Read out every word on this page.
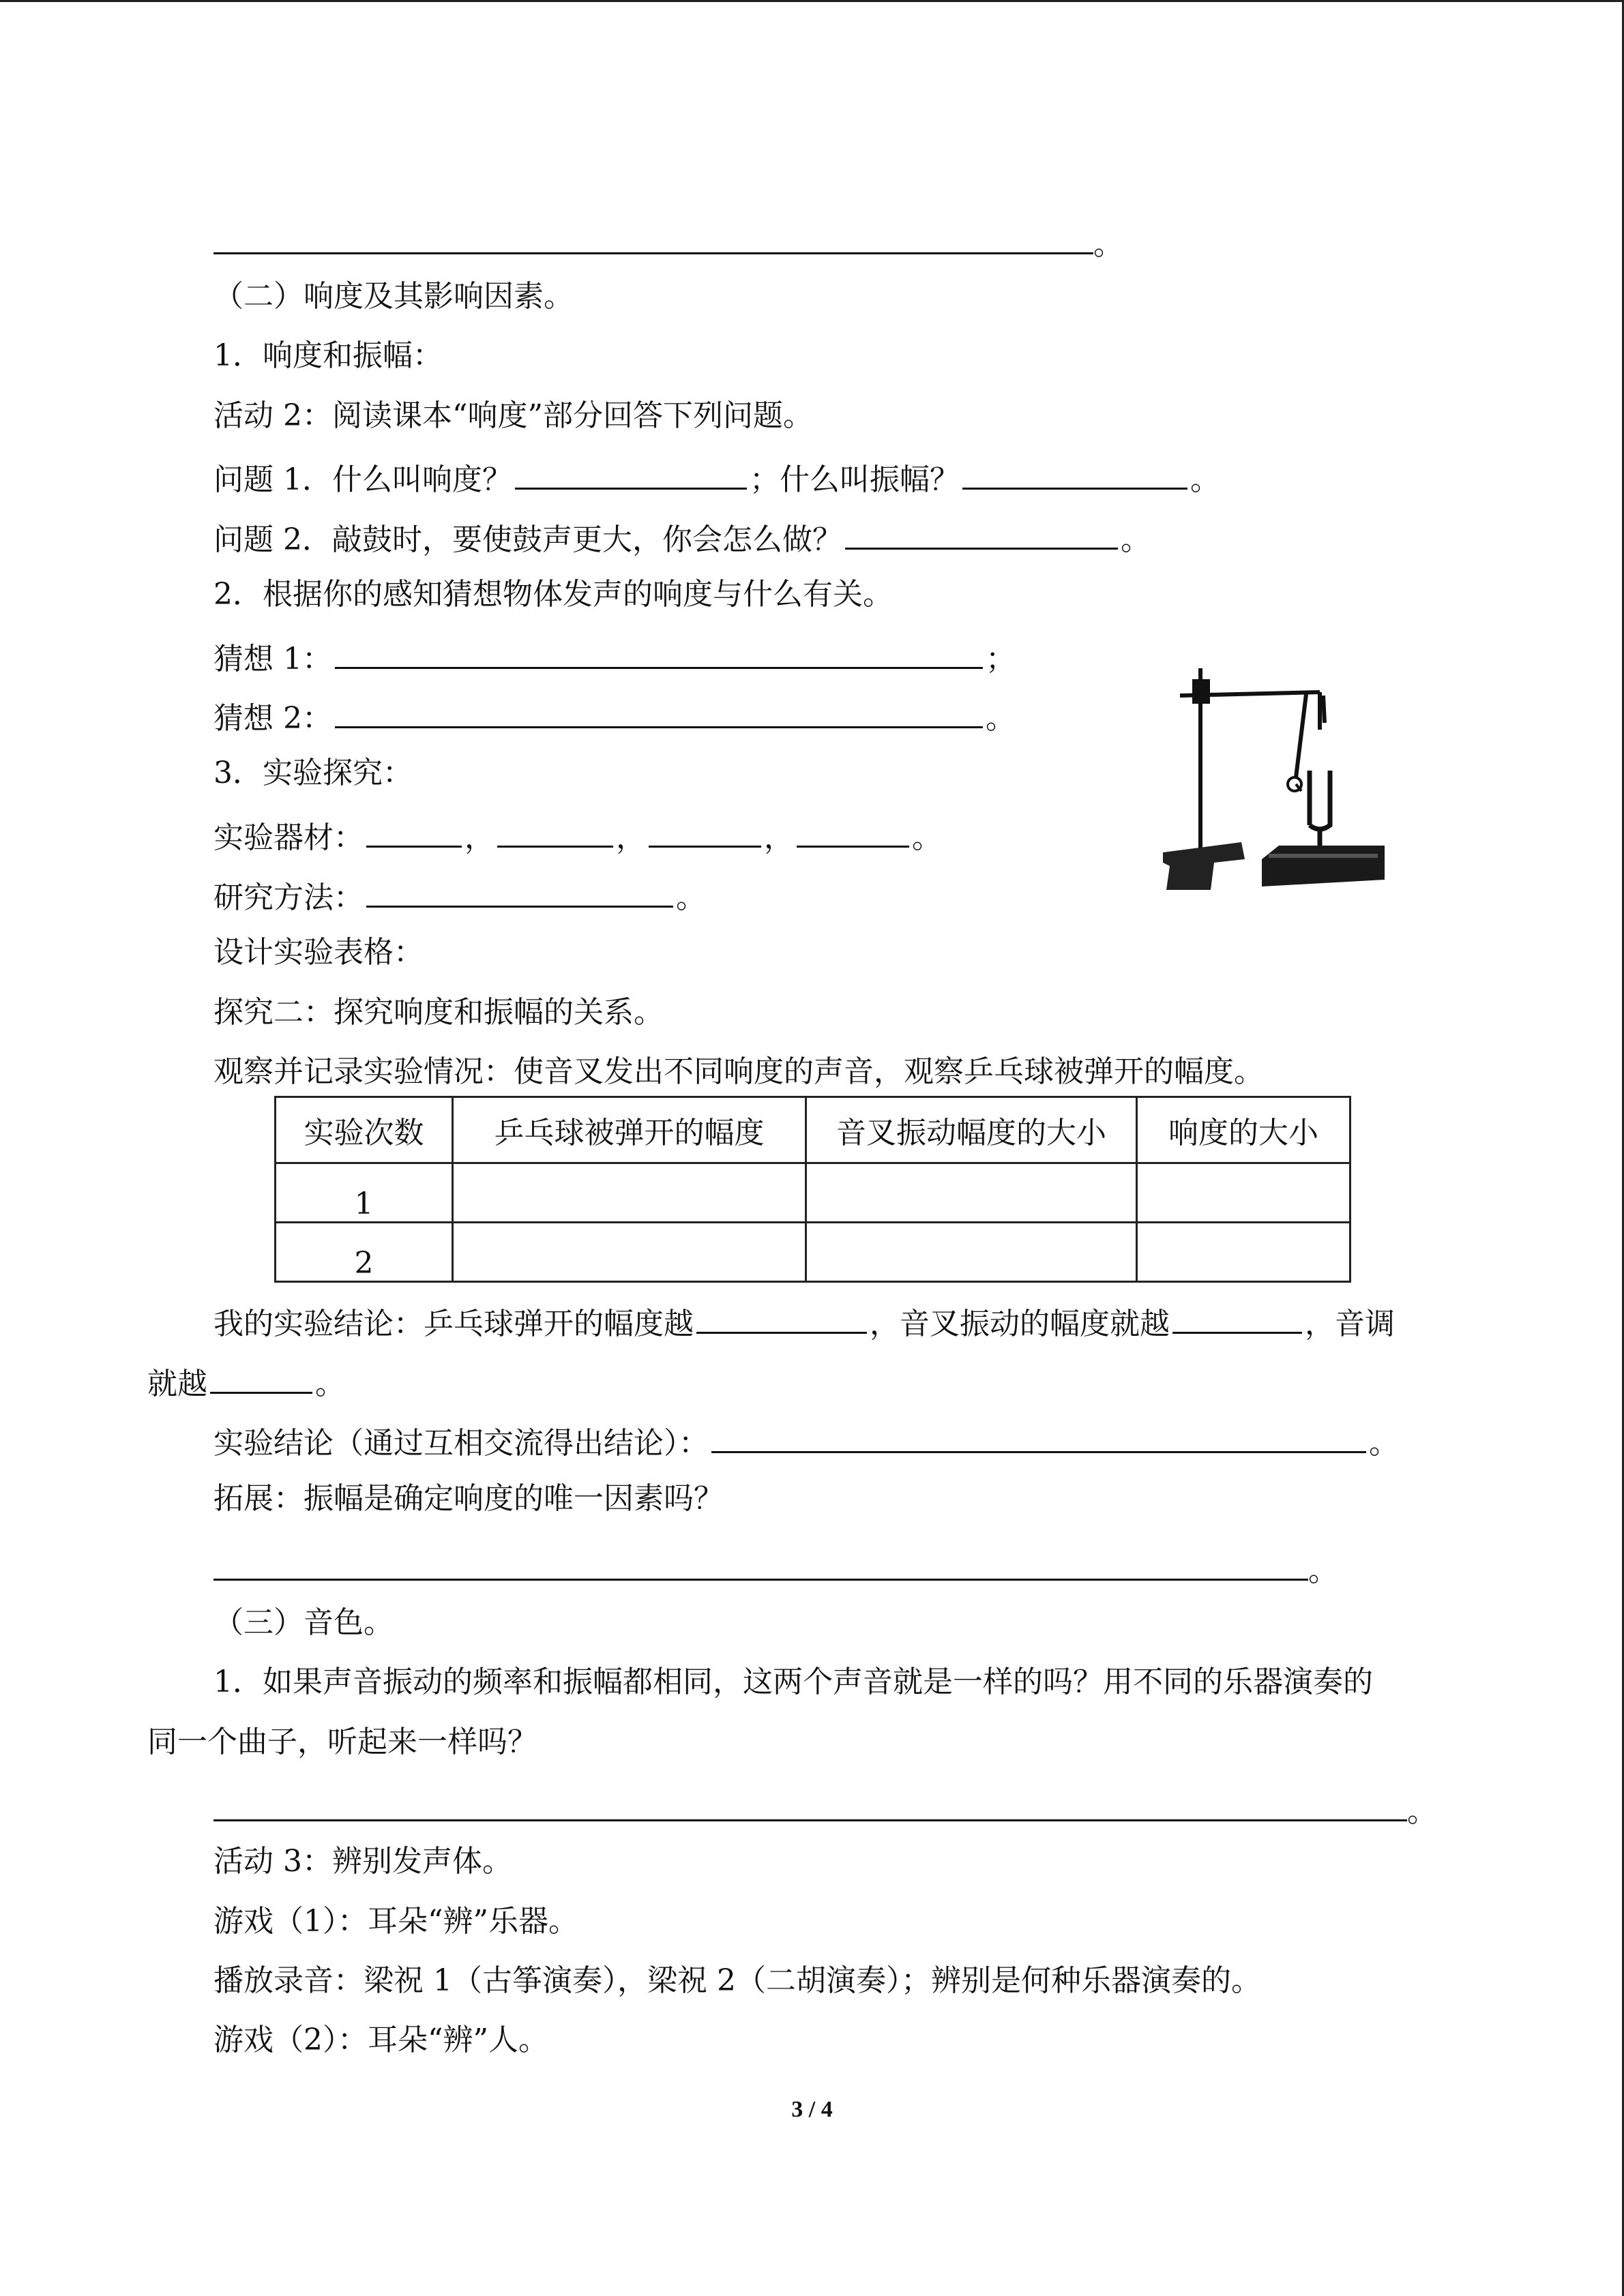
。
（二）响度及其影响因素。
1．响度和振幅：
活动 2：阅读课本“响度”部分回答下列问题。
问题 1．什么叫响度？	；什么叫振幅？	。
问题 2．敲鼓时，要使鼓声更大，你会怎么做？	。
2．根据你的感知猜想物体发声的响度与什么有关。
猜想 1：	；
猜想 2：	。
3．实验探究：
实验器材：	，	，	，	。
研究方法：	。
设计实验表格：
探究二：探究响度和振幅的关系。
观察并记录实验情况：使音叉发出不同响度的声音，观察乒乓球被弹开的幅度。
实验次数	乒乓球被弹开的幅度	音叉振动幅度的大小	响度的大小
1			
2			
我的实验结论：乒乓球弹开的幅度越	，音叉振动的幅度就越	，音调
就越	。
实验结论（通过互相交流得出结论）：	。
拓展：振幅是确定响度的唯一因素吗？
。
（三）音色。
1．如果声音振动的频率和振幅都相同，这两个声音就是一样的吗？用不同的乐器演奏的
同一个曲子，听起来一样吗？
。
活动 3：辨别发声体。
游戏（1）：耳朵“辨”乐器。
播放录音：梁祝 1（古筝演奏），梁祝 2（二胡演奏）；辨别是何种乐器演奏的。
游戏（2）：耳朵“辨”人。
3 / 4
